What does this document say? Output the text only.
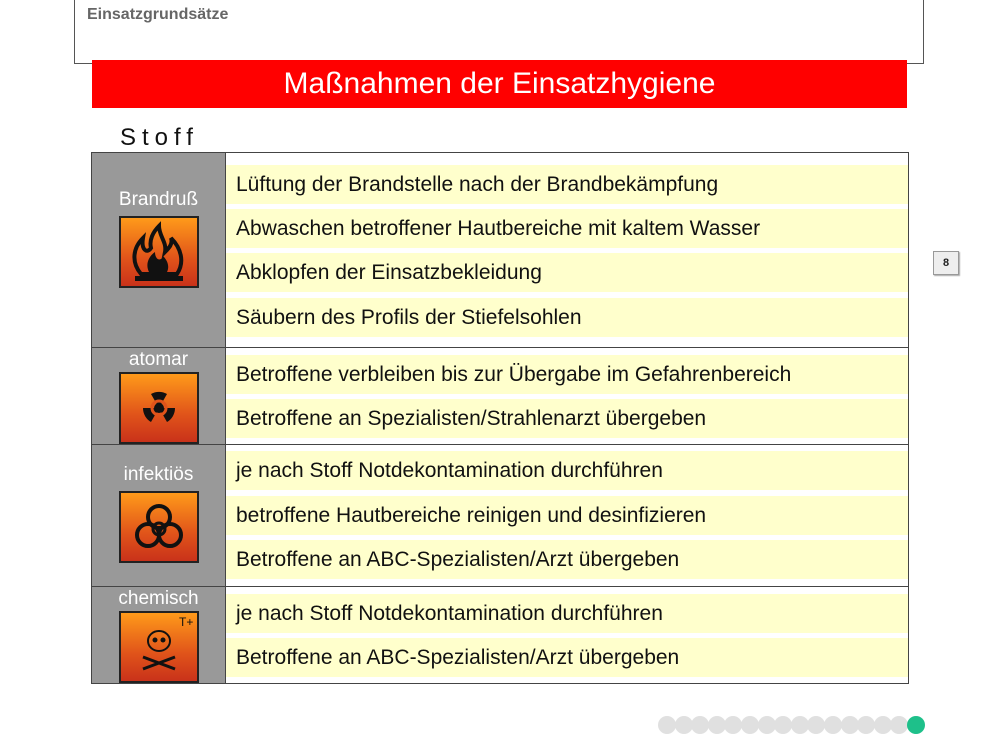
Einsatzgrundsätze
Maßnahmen der Einsatzhygiene
Stoff
Brandruß
Lüftung der Brandstelle nach der Brandbekämpfung
Abwaschen betroffener Hautbereiche mit kaltem Wasser
Abklopfen der Einsatzbekleidung
Säubern des Profils der Stiefelsohlen
atomar
Betroffene verbleiben bis zur Übergabe im Gefahrenbereich
Betroffene an Spezialisten/Strahlenarzt übergeben
infektiös	je nach Stoff Notdekontamination durchführen
betroffene Hautbereiche reinigen und desinfizieren
Betroffene an ABC-Spezialisten/Arzt übergeben
chemisch
T+	je nach Stoff Notdekontamination durchführen
Betroffene an ABC-Spezialisten/Arzt übergeben
8
